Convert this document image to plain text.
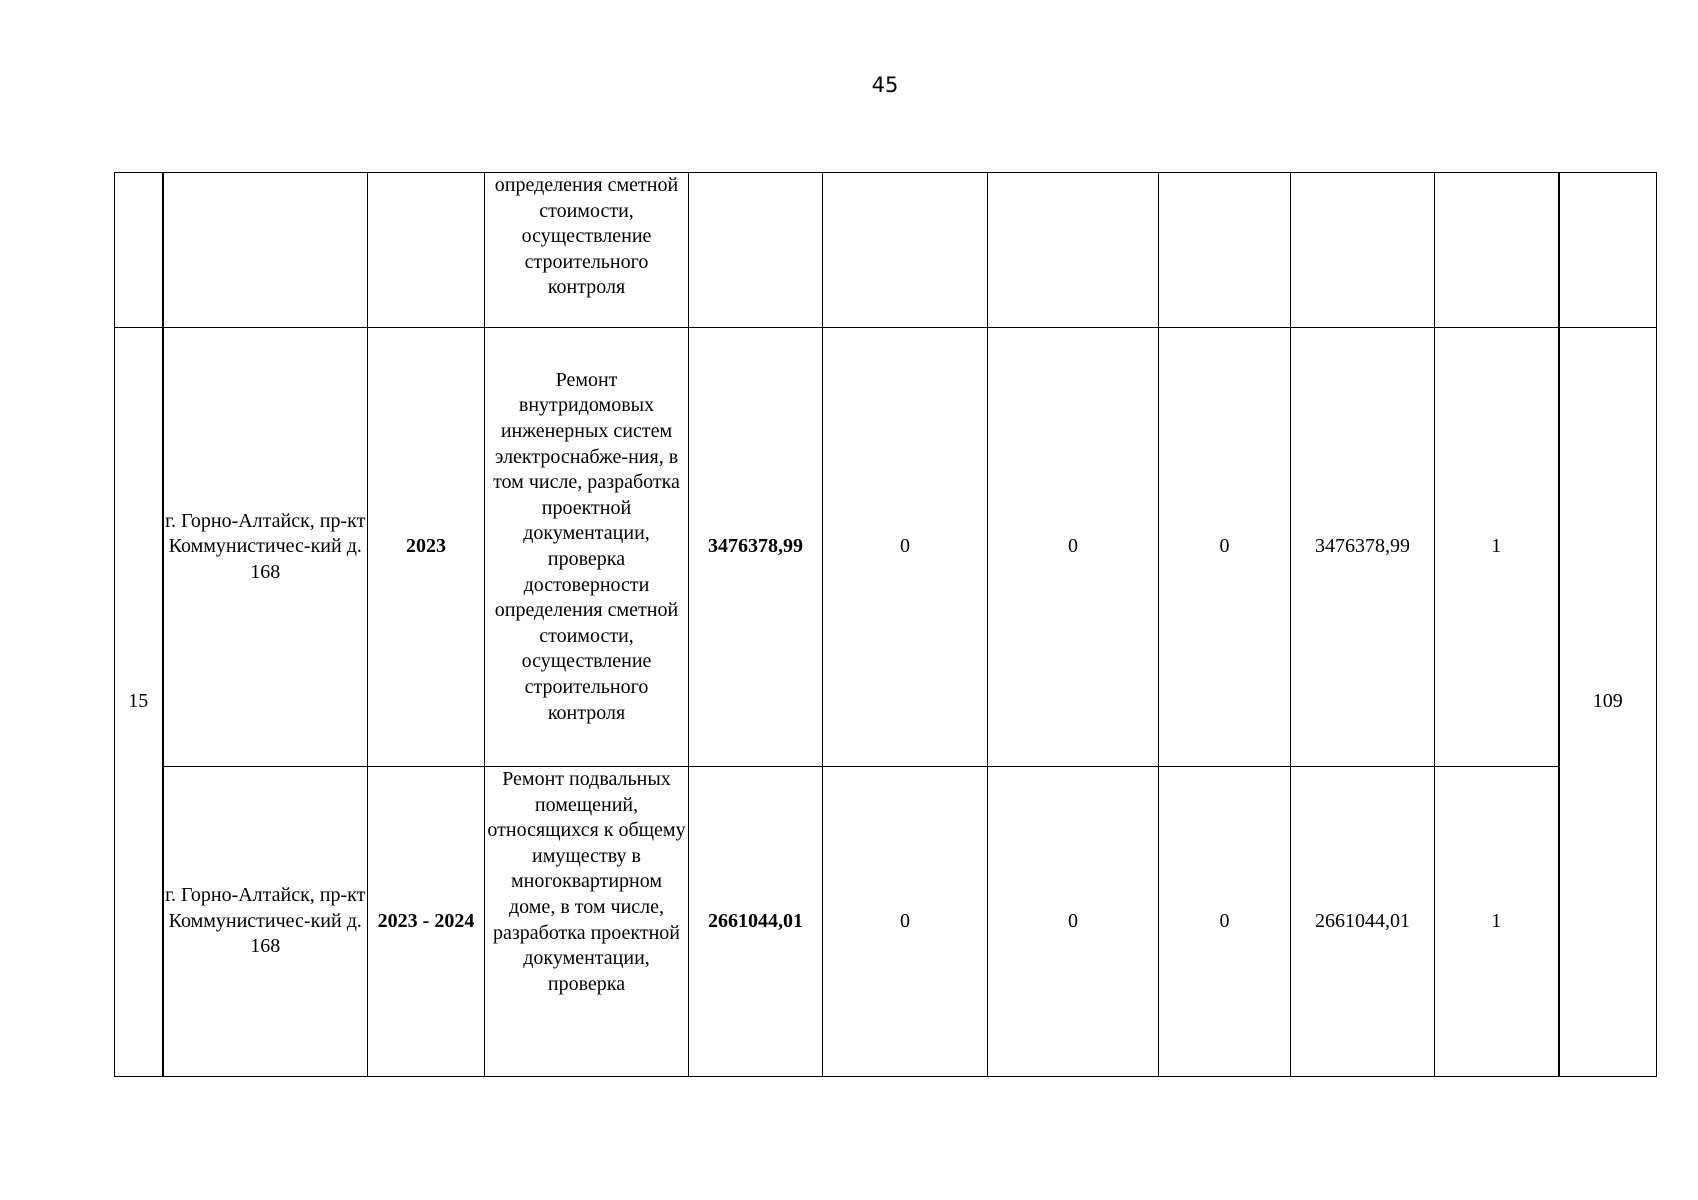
45
			определения сметной стоимости, осуществление строительного контроля							
15	г. Горно-Алтайск, пр-кт Коммунистичес-кий д. 168	2023	Ремонт внутридомовых инженерных систем электроснабже-ния, в том числе, разработка проектной документации, проверка достоверности определения сметной стоимости, осуществление строительного контроля	3476378,99	0	0	0	3476378,99	1	109
	г. Горно-Алтайск, пр-кт Коммунистичес-кий д. 168	2023 - 2024	Ремонт подвальных помещений, относящихся к общему имуществу в многоквартирном доме, в том числе, разработка проектной документации, проверка	2661044,01	0	0	0	2661044,01	1	
